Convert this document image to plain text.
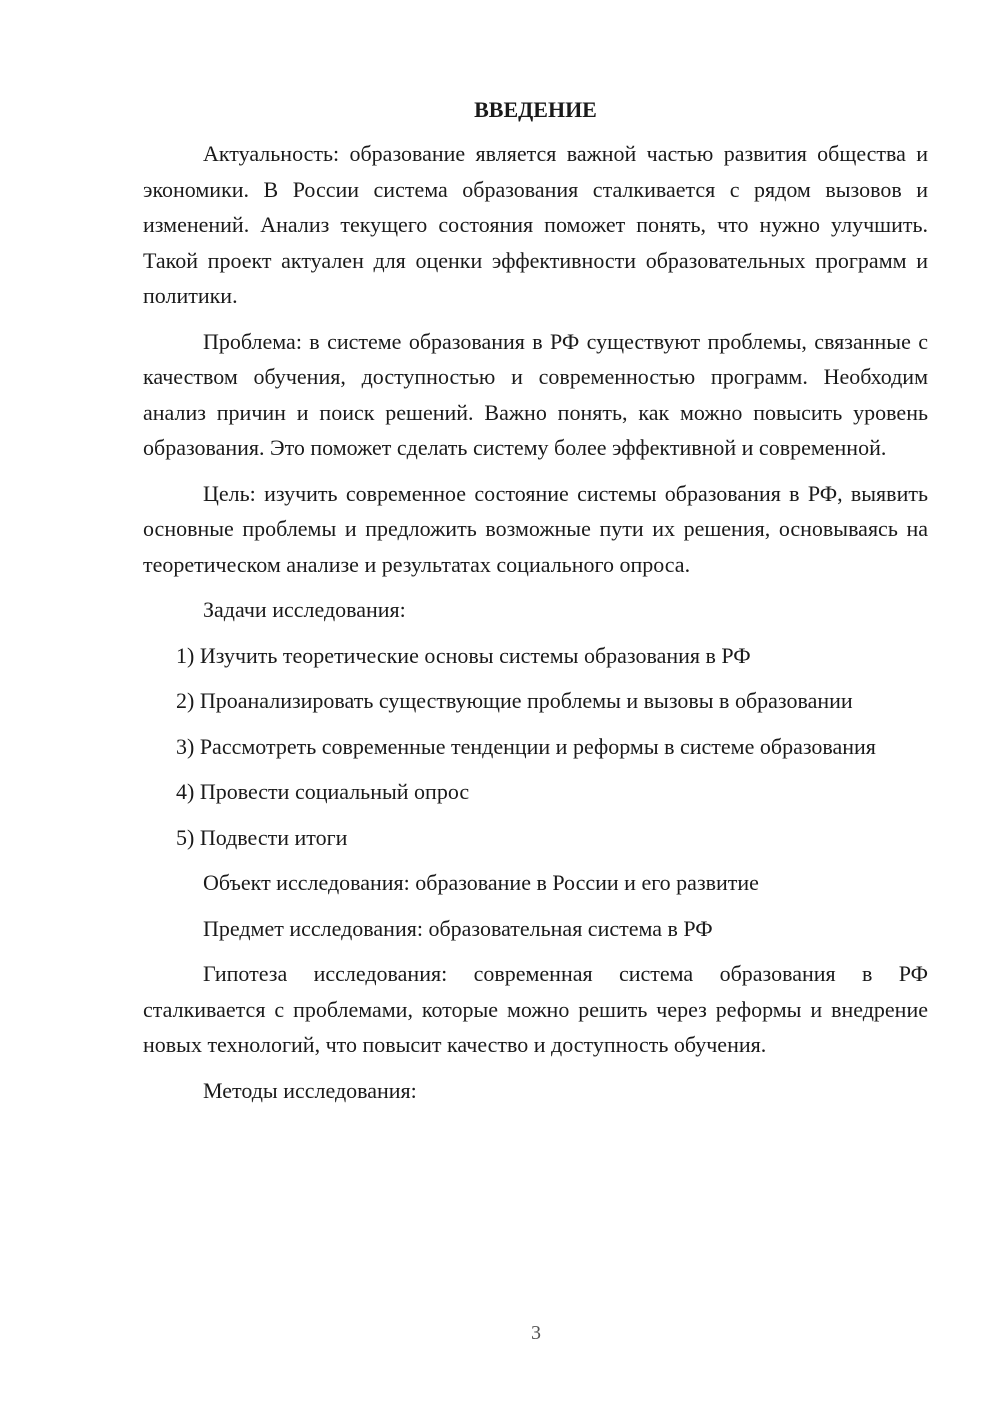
ВВЕДЕНИЕ

Актуальность: образование является важной частью развития общества и экономики. В России система образования сталкивается с рядом вызовов и изменений. Анализ текущего состояния поможет понять, что нужно улучшить. Такой проект актуален для оценки эффективности образовательных программ и политики.

Проблема: в системе образования в РФ существуют проблемы, связанные с качеством обучения, доступностью и современностью программ. Необходим анализ причин и поиск решений. Важно понять, как можно повысить уровень образования. Это поможет сделать систему более эффективной и современной.

Цель: изучить современное состояние системы образования в РФ, выявить основные проблемы и предложить возможные пути их решения, основываясь на теоретическом анализе и результатах социального опроса.

Задачи исследования:

1) Изучить теоретические основы системы образования в РФ

2) Проанализировать существующие проблемы и вызовы в образовании

3) Рассмотреть современные тенденции и реформы в системе образования

4) Провести социальный опрос

5) Подвести итоги

Объект исследования: образование в России и его развитие

Предмет исследования: образовательная система в РФ

Гипотеза исследования: современная система образования в РФ сталкивается с проблемами, которые можно решить через реформы и внедрение новых технологий, что повысит качество и доступность обучения.

Методы исследования:

3
